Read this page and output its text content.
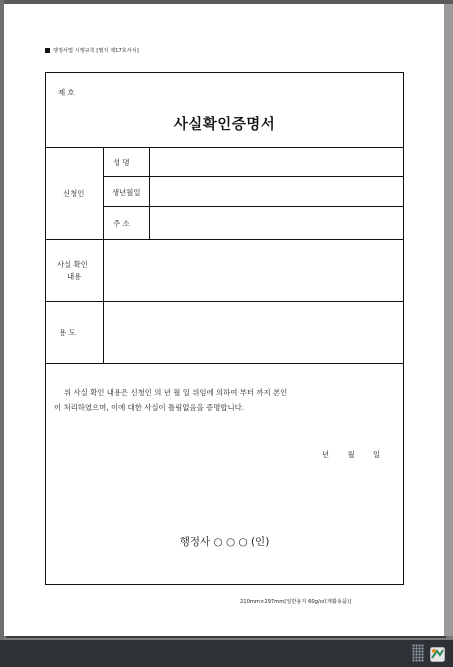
행정사법 시행규칙 [별지 제17호서식]
제 호
사실확인증명서
신청인
성 명
생년월일
주 소
사실 확인
내용
용 도
위 사실 확인 내용은 신청인 의 년 월 일 위임에 의하여 부터 까지 본인
이 처리하였으며, 이에 대한 사실이 틀림없음을 증명합니다.
년 월 일
행정사 ○ ○ ○ (인)
210mm×297mm[일반용지 60g/㎡(재활용품)]
